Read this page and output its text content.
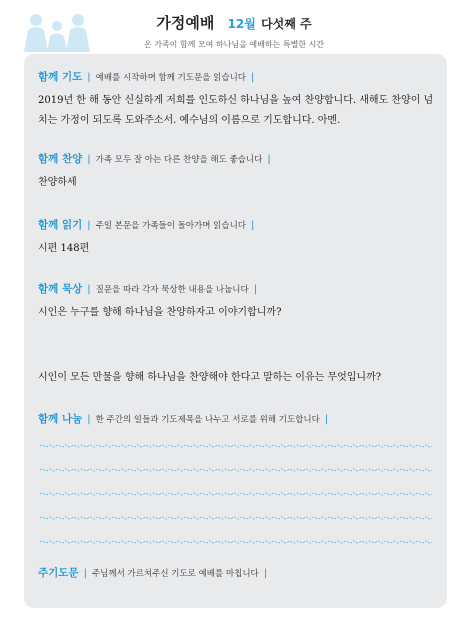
가정예배 12월 다섯째 주
온 가족이 함께 모여 하나님을 예배하는 특별한 시간
함께 기도 | 예배를 시작하며 함께 기도문을 읽습니다 |
2019년 한 해 동안 신실하게 저희를 인도하신 하나님을 높여 찬양합니다. 새해도 찬양이 넘치는 가정이 되도록 도와주소서. 예수님의 이름으로 기도합니다. 아멘.
함께 찬양 | 가족 모두 잘 아는 다른 찬양을 해도 좋습니다 |
찬양하세
함께 읽기 | 주일 본문을 가족들이 돌아가며 읽습니다 |
시편 148편
함께 묵상 | 질문을 따라 각자 묵상한 내용을 나눕니다 |
시인은 누구를 향해 하나님을 찬양하자고 이야기합니까?
시인이 모든 만물을 향해 하나님을 찬양해야 한다고 말하는 이유는 무엇입니까?
함께 나눔 | 한 주간의 일들과 기도제목을 나누고 서로를 위해 기도합니다 |
주기도문 | 주님께서 가르쳐주신 기도로 예배를 마칩니다 |
